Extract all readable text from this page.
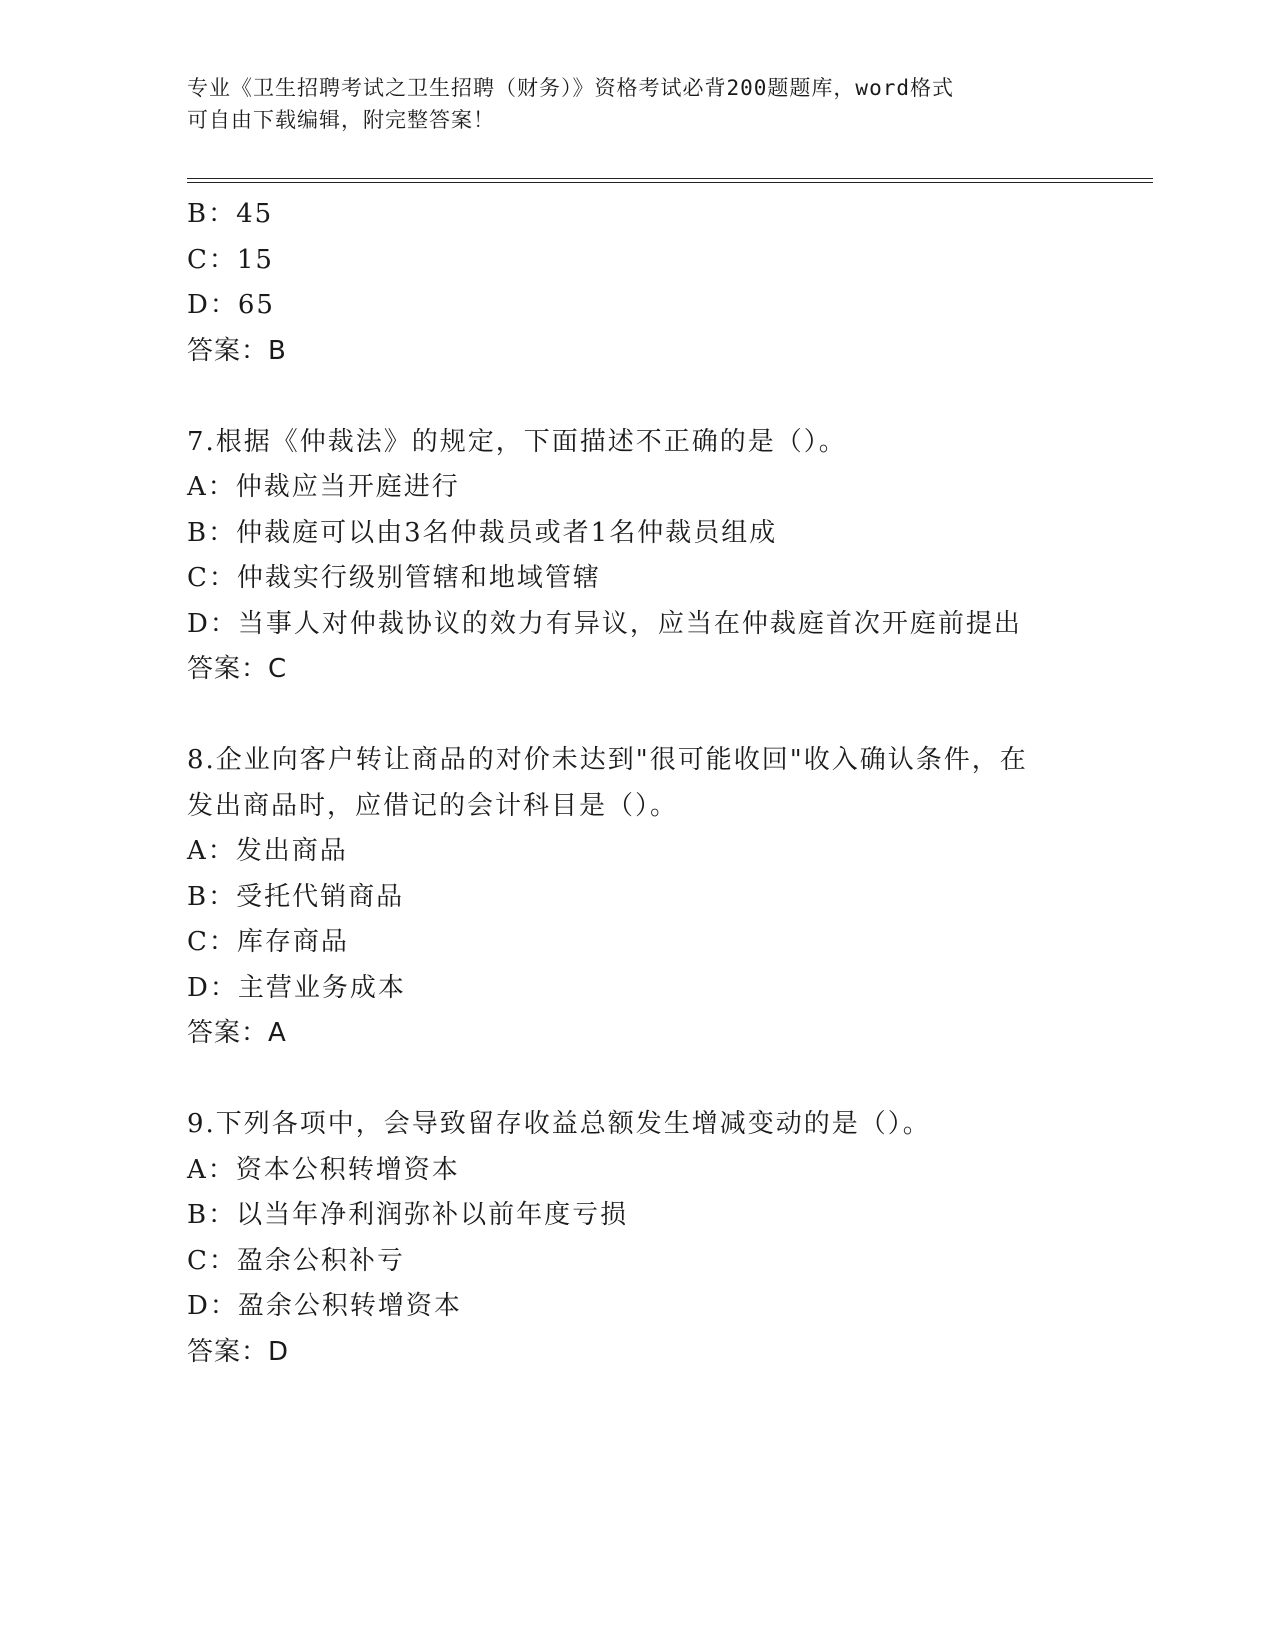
专业《卫生招聘考试之卫生招聘（财务）》资格考试必背200题题库，word格式
可自由下载编辑，附完整答案！
B：45
C：15
D：65
答案：B
7.根据《仲裁法》的规定，下面描述不正确的是（）。
A：仲裁应当开庭进行
B：仲裁庭可以由3名仲裁员或者1名仲裁员组成
C：仲裁实行级别管辖和地域管辖
D：当事人对仲裁协议的效力有异议，应当在仲裁庭首次开庭前提出
答案：C
8.企业向客户转让商品的对价未达到"很可能收回"收入确认条件，在
发出商品时，应借记的会计科目是（）。
A：发出商品
B：受托代销商品
C：库存商品
D：主营业务成本
答案：A
9.下列各项中，会导致留存收益总额发生增减变动的是（）。
A：资本公积转增资本
B：以当年净利润弥补以前年度亏损
C：盈余公积补亏
D：盈余公积转增资本
答案：D
